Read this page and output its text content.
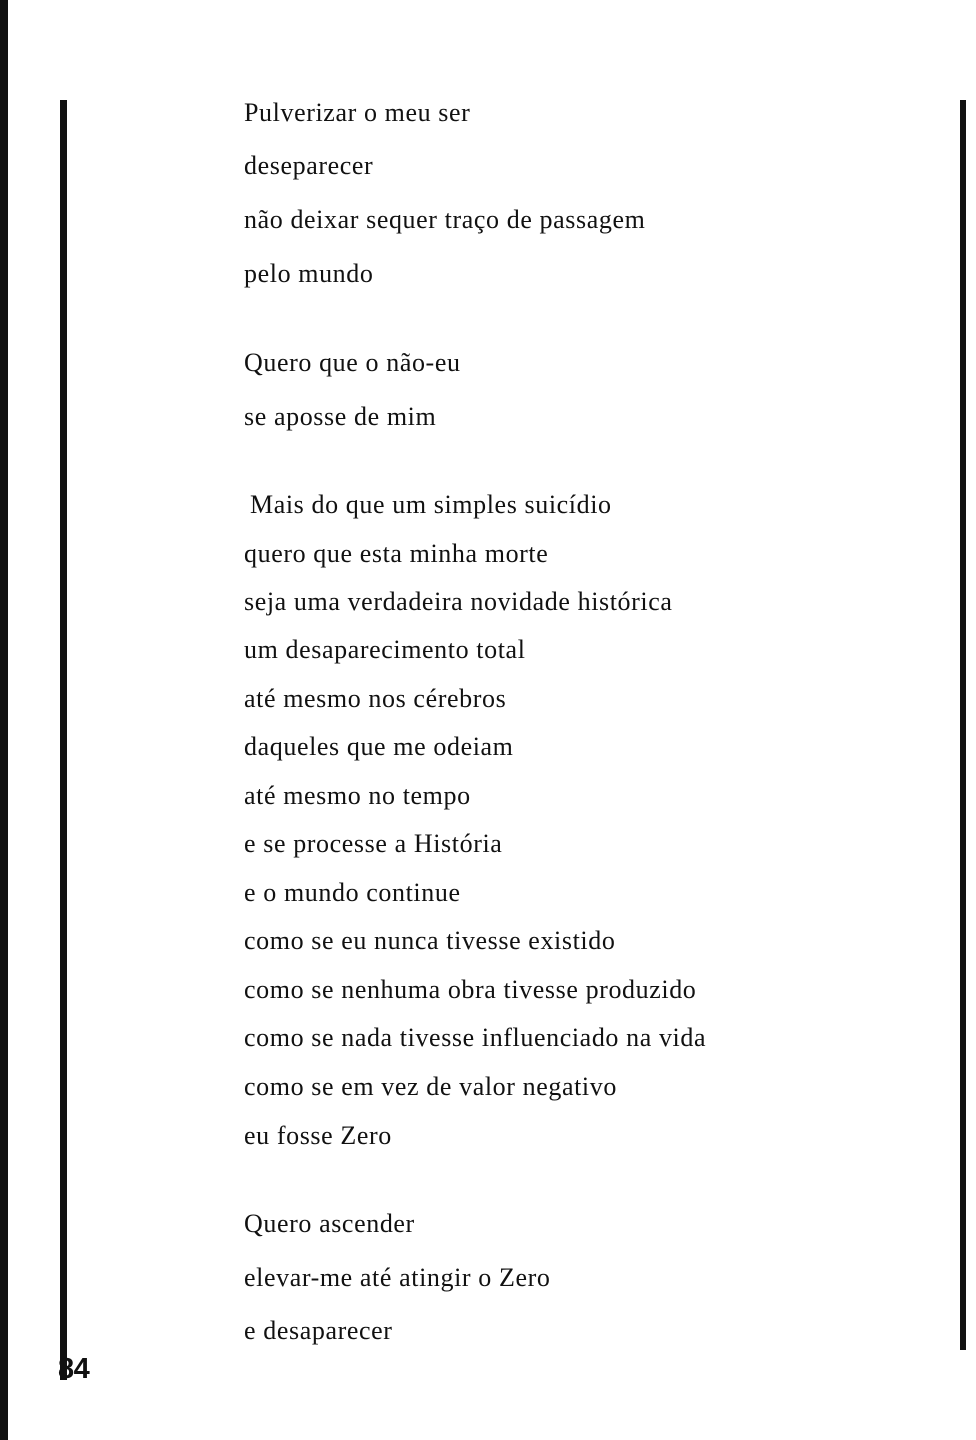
Pulverizar o meu ser
deseparecer
não deixar sequer traço de passagem
pelo mundo
Quero que o não-eu
se aposse de mim
Mais do que um simples suicídio
quero que esta minha morte
seja uma verdadeira novidade histórica
um desaparecimento total
até mesmo nos cérebros
daqueles que me odeiam
até mesmo no tempo
e se processe a História
e o mundo continue
como se eu nunca tivesse existido
como se nenhuma obra tivesse produzido
como se nada tivesse influenciado na vida
como se em vez de valor negativo
eu fosse Zero
Quero ascender
elevar-me até atingir o Zero
e desaparecer
84
